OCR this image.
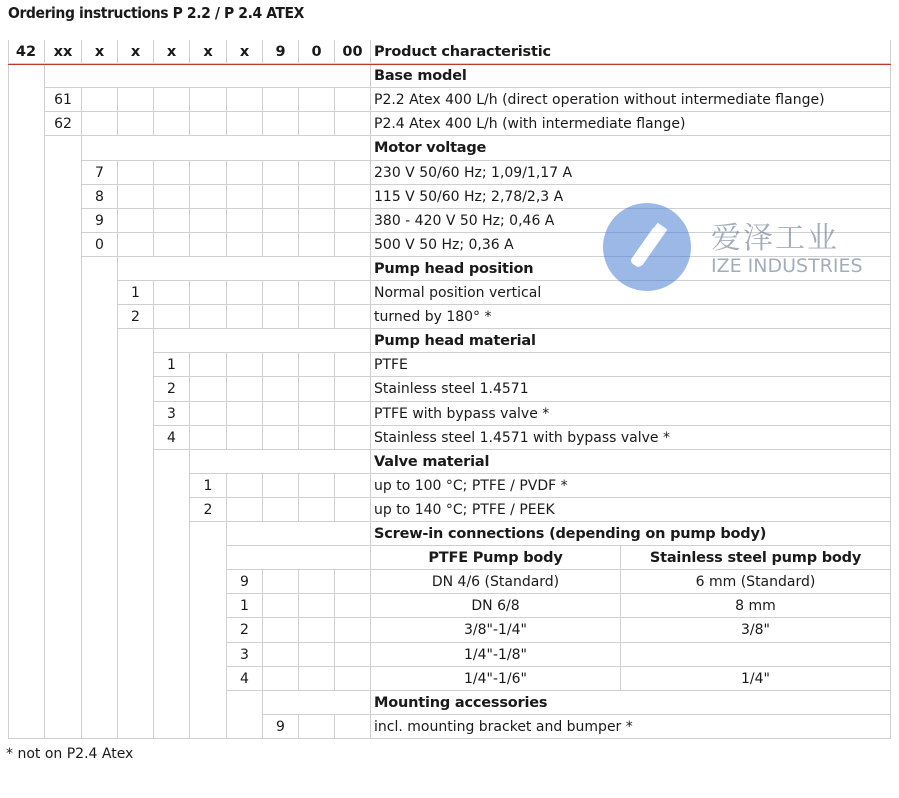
Ordering instructions P 2.2 / P 2.4 ATEX
42	xx	x	x	x	x	x	9	0	00 Product characteristic
Base model
61	P2.2 Atex 400 L/h (direct operation without intermediate flange)
62	P2.4 Atex 400 L/h (with intermediate flange)
Motor voltage
7	230 V 50/60 Hz; 1,09/1,17 A
8	115 V 50/60 Hz; 2,78/2,3 A
9	380 - 420 V 50 Hz; 0,46 A
0	500 V 50 Hz; 0,36 A
Pump head position
1	Normal position vertical
2	turned by 180° *
Pump head material
1	PTFE
2	Stainless steel 1.4571
3	PTFE with bypass valve *
4	Stainless steel 1.4571 with bypass valve *
Valve material
1	up to 100 °C; PTFE / PVDF *
2	up to 140 °C; PTFE / PEEK
Screw-in connections (depending on pump body)
PTFE Pump body	Stainless steel pump body
9	DN 4/6 (Standard)	6 mm (Standard)
1	DN 6/8	8 mm
2	3/8"-1/4"	3/8"
3	1/4"-1/8"
4	1/4"-1/6"	1/4"
Mounting accessories
9	incl. mounting bracket and bumper *
* not on P2.4 Atex
爱泽工业
IZE INDUSTRIES
